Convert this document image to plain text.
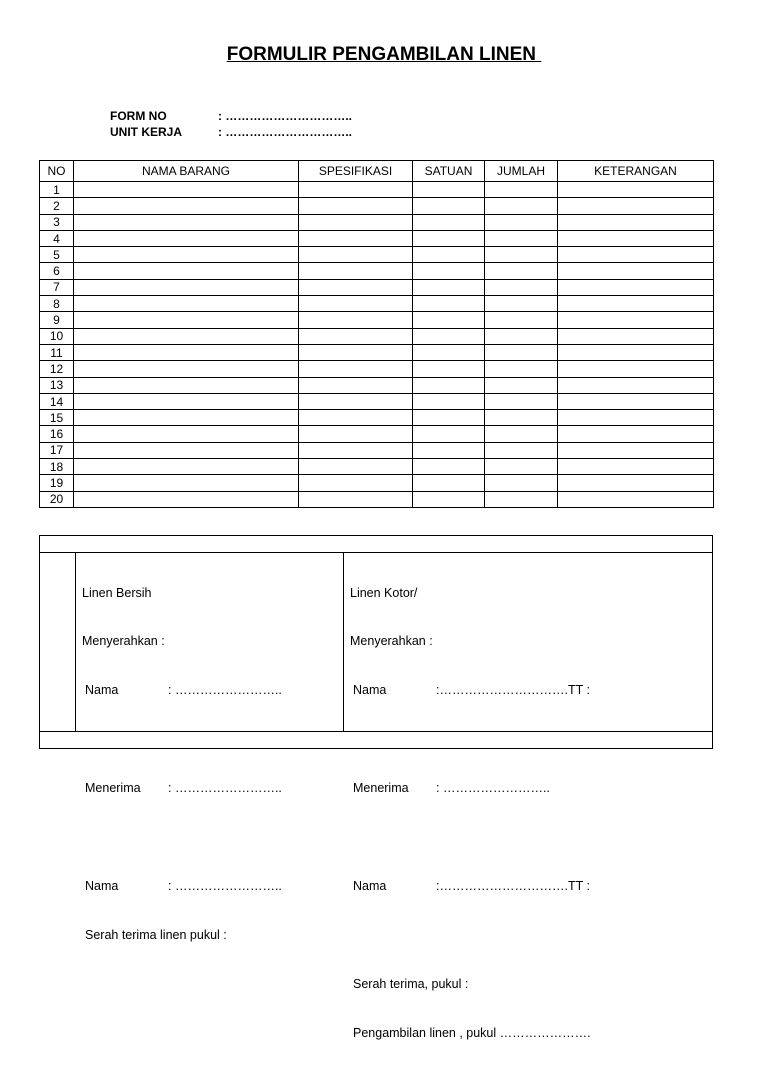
FORMULIR PENGAMBILAN LINEN
FORM NO	: …………………………..
UNIT KERJA	: …………………………..
NO	NAMA BARANG	SPESIFIKASI	SATUAN	JUMLAH	KETERANGAN
1					
2					
3					
4					
5					
6					
7					
8					
9					
10					
11					
12					
13					
14					
15					
16					
17					
18					
19					
20					

Linen Bersih

Menyerahkan :

Nama	: ……………………..

Menerima : ……………………..

Nama	: ……………………..

Serah terima linen pukul :

Linen Kotor/

Menyerahkan :

Nama	:………………………….TT :

Menerima : ……………………..

Nama	:………………………….TT :

Serah terima, pukul :

Pengambilan linen , pukul ………………….
